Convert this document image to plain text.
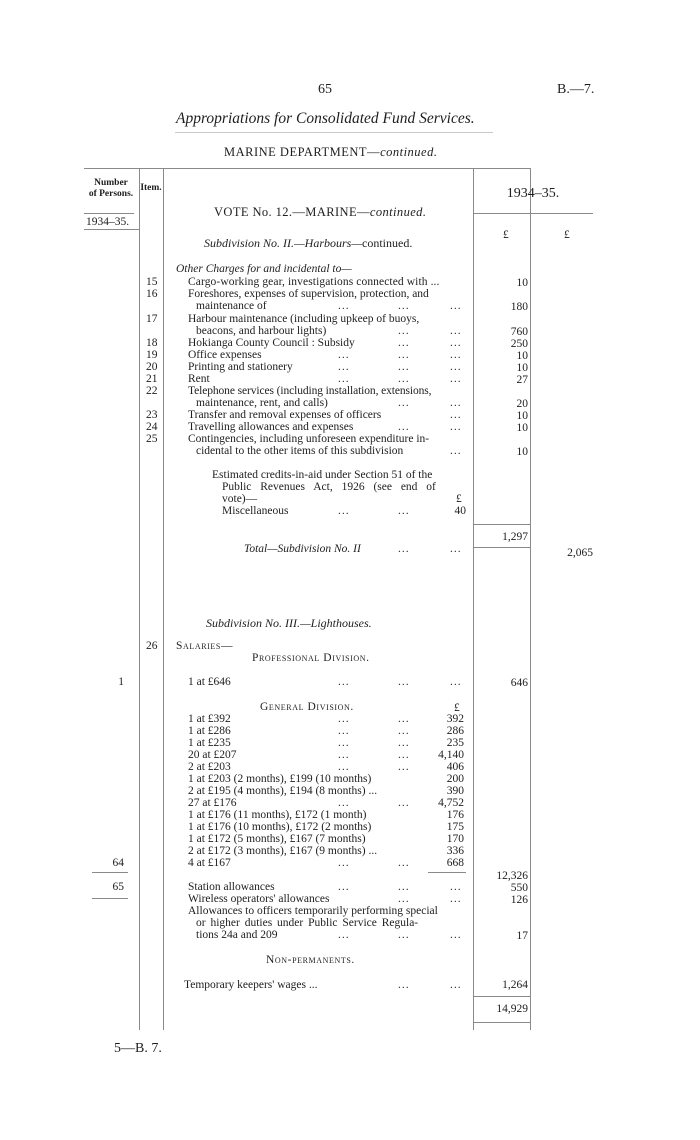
65	B.—7.
Appropriations for Consolidated Fund Services.
MARINE DEPARTMENT—continued.
Number
of Persons.
Item.	1934–35.
1934–35.
£	£
VOTE No. 12.—MARINE—continued.
Subdivision No. II.—Harbours—continued.
Other Charges for and incidental to—
15	Cargo-working gear, investigations connected with ...	10
16	Foreshores, expenses of supervision, protection, and
maintenance of	...	...	...	180
17	Harbour maintenance (including upkeep of buoys,
beacons, and harbour lights)	...	...	760
18	Hokianga County Council : Subsidy	...	...	250
19	Office expenses	...	...	...	10
20	Printing and stationery	...	...	...	10
21	Rent	...	...	...	27
22	Telephone services (including installation, extensions,
maintenance, rent, and calls)	...	...	20
23	Transfer and removal expenses of officers	...	10
24	Travelling allowances and expenses	...	...	10
25	Contingencies, including unforeseen expenditure in-
cidental to the other items of this subdivision	...	10
Estimated credits-in-aid under Section 51 of the
Public Revenues Act, 1926 (see end of
vote)—	£
Miscellaneous	...	...	40
1,297
Total—Subdivision No. II	...	...	2,065
Subdivision No. III.—Lighthouses.
26 Salaries—
Professional Division.
1	1 at £646	...	...	...	646
General Division.	£
1 at £392	...	...	392
1 at £286	...	...	286
1 at £235	...	...	235
20 at £207	...	...	4,140
2 at £203	...	...	406
1 at £203 (2 months), £199 (10 months)	200
2 at £195 (4 months), £194 (8 months) ...	390
27 at £176	...	...	4,752
1 at £176 (11 months), £172 (1 month)	176
1 at £176 (10 months), £172 (2 months)	175
1 at £172 (5 months), £167 (7 months)	170
2 at £172 (3 months), £167 (9 months) ...	336
64	4 at £167	...	...	668
12,326
65	Station allowances	...	...	...	550
Wireless operators' allowances	...	...	126
Allowances to officers temporarily performing special
or higher duties under Public Service Regula-
tions 24a and 209	...	...	...	17
Non-permanents.
Temporary keepers' wages ...	...	...	1,264
14,929
5—B. 7.
